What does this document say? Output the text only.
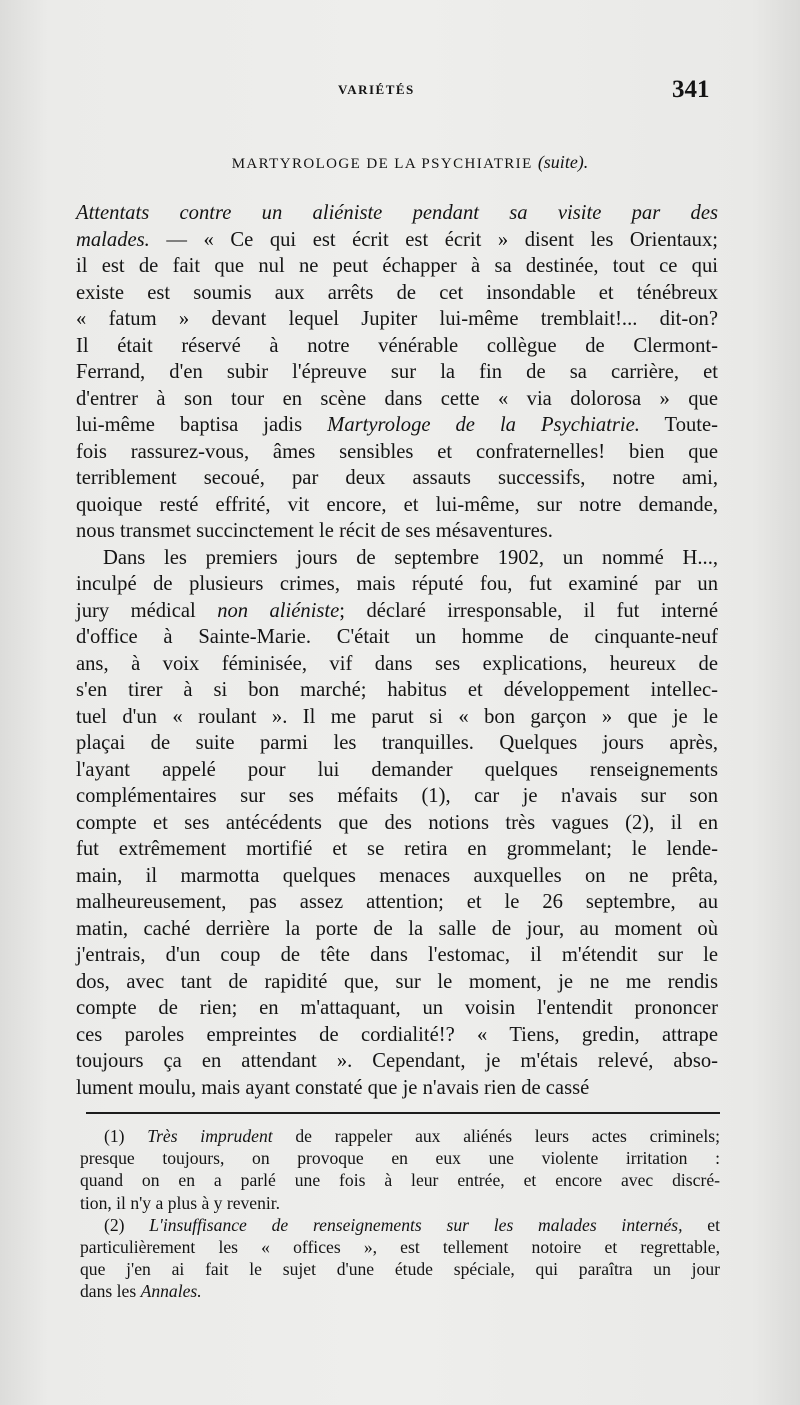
VARIÉTÉS	341
MARTYROLOGE DE LA PSYCHIATRIE (suite).
Attentats contre un aliéniste pendant sa visite par des
malades. — « Ce qui est écrit est écrit » disent les Orientaux;
il est de fait que nul ne peut échapper à sa destinée, tout ce qui
existe est soumis aux arrêts de cet insondable et ténébreux
« fatum » devant lequel Jupiter lui-même tremblait!... dit-on?
Il était réservé à notre vénérable collègue de Clermont-
Ferrand, d'en subir l'épreuve sur la fin de sa carrière, et
d'entrer à son tour en scène dans cette « via dolorosa » que
lui-même baptisa jadis Martyrologe de la Psychiatrie. Toute-
fois rassurez-vous, âmes sensibles et confraternelles! bien que
terriblement secoué, par deux assauts successifs, notre ami,
quoique resté effrité, vit encore, et lui-même, sur notre demande,
nous transmet succinctement le récit de ses mésaventures.
Dans les premiers jours de septembre 1902, un nommé H...,
inculpé de plusieurs crimes, mais réputé fou, fut examiné par un
jury médical non aliéniste; déclaré irresponsable, il fut interné
d'office à Sainte-Marie. C'était un homme de cinquante-neuf
ans, à voix féminisée, vif dans ses explications, heureux de
s'en tirer à si bon marché; habitus et développement intellec-
tuel d'un « roulant ». Il me parut si « bon garçon » que je le
plaçai de suite parmi les tranquilles. Quelques jours après,
l'ayant appelé pour lui demander quelques renseignements
complémentaires sur ses méfaits (1), car je n'avais sur son
compte et ses antécédents que des notions très vagues (2), il en
fut extrêmement mortifié et se retira en grommelant; le lende-
main, il marmotta quelques menaces auxquelles on ne prêta,
malheureusement, pas assez attention; et le 26 septembre, au
matin, caché derrière la porte de la salle de jour, au moment où
j'entrais, d'un coup de tête dans l'estomac, il m'étendit sur le
dos, avec tant de rapidité que, sur le moment, je ne me rendis
compte de rien; en m'attaquant, un voisin l'entendit prononcer
ces paroles empreintes de cordialité!? « Tiens, gredin, attrape
toujours ça en attendant ». Cependant, je m'étais relevé, abso-
lument moulu, mais ayant constaté que je n'avais rien de cassé
(1) Très imprudent de rappeler aux aliénés leurs actes criminels;
presque toujours, on provoque en eux une violente irritation :
quand on en a parlé une fois à leur entrée, et encore avec discré-
tion, il n'y a plus à y revenir.
(2) L'insuffisance de renseignements sur les malades internés, et
particulièrement les « offices », est tellement notoire et regrettable,
que j'en ai fait le sujet d'une étude spéciale, qui paraîtra un jour
dans les Annales.
